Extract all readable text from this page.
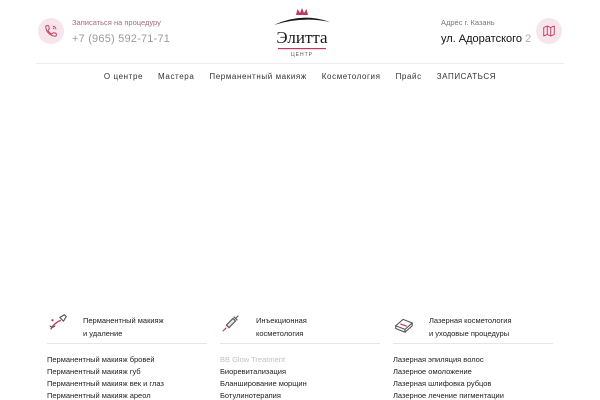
Записаться на процедуру
+7 (965) 592-71-71	Элитта
ЦЕНТР
Адрес г. Казань
ул. Адоратского 2
О центре Мастера Перманентный макияж Косметология Прайс ЗАПИСАТЬСЯ
Перманентный макияж
и удаление
Перманентный макияж бровей
Перманентный макияж губ
Перманентный макияж век и глаз
Перманентный макияж ареол
Инъекционная
косметология
BB Glow Treatment
Биоревитализация
Бланширование морщин
Ботулинотерапия
Лазерная косметология
и уходовые процедуры
Лазерная эпиляция волос
Лазерное омоложение
Лазерная шлифовка рубцов
Лазерное лечение пигментации
